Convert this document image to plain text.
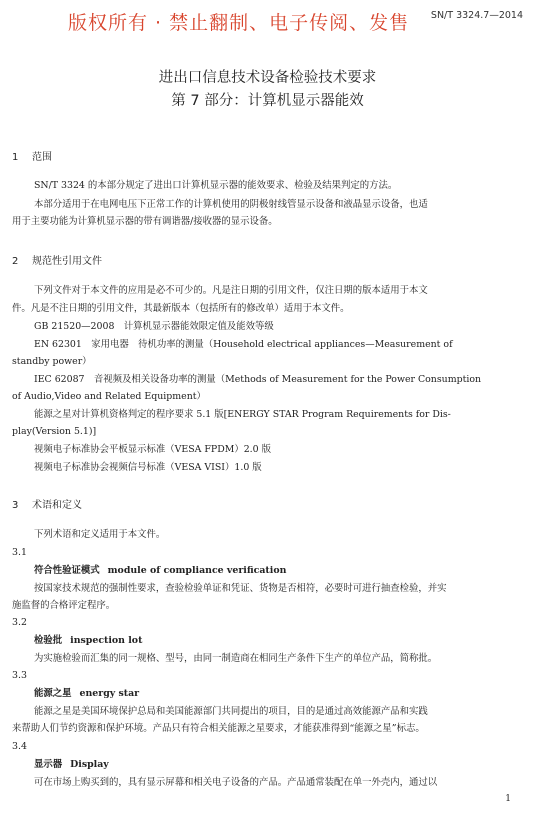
版权所有 · 禁止翻制、电子传阅、发售 SN/T 3324.7—2014
进出口信息技术设备检验技术要求
第 7 部分：计算机显示器能效
1 范围
SN/T 3324 的本部分规定了进出口计算机显示器的能效要求、检验及结果判定的方法。
本部分适用于在电网电压下正常工作的计算机使用的阴极射线管显示设备和液晶显示设备，也适
用于主要功能为计算机显示器的带有调谐器/接收器的显示设备。
2 规范性引用文件
下列文件对于本文件的应用是必不可少的。凡是注日期的引用文件，仅注日期的版本适用于本文
件。凡是不注日期的引用文件，其最新版本（包括所有的修改单）适用于本文件。
GB 21520—2008　计算机显示器能效限定值及能效等级
EN 62301　家用电器　待机功率的测量（Household electrical appliances—Measurement of
standby power）
IEC 62087　音视频及相关设备功率的测量（Methods of Measurement for the Power Consumption
of Audio,Video and Related Equipment）
能源之星对计算机资格判定的程序要求 5.1 版[ENERGY STAR Program Requirements for Dis-
play(Version 5.1)]
视频电子标准协会平板显示标准（VESA FPDM）2.0 版
视频电子标准协会视频信号标准（VESA VISI）1.0 版
3 术语和定义
下列术语和定义适用于本文件。
3.1
符合性验证模式 module of compliance verification
按国家技术规范的强制性要求，查验检验单证和凭证、货物是否相符，必要时可进行抽查检验，并实
施监督的合格评定程序。
3.2
检验批 inspection lot
为实施检验而汇集的同一规格、型号，由同一制造商在相同生产条件下生产的单位产品，简称批。
3.3
能源之星 energy star
能源之星是美国环境保护总局和美国能源部门共同提出的项目，目的是通过高效能源产品和实践
来帮助人们节约资源和保护环境。产品只有符合相关能源之星要求，才能获准得到“能源之星”标志。
3.4
显示器 Display
可在市场上购买到的，具有显示屏幕和相关电子设备的产品。产品通常装配在单一外壳内，通过以
1
